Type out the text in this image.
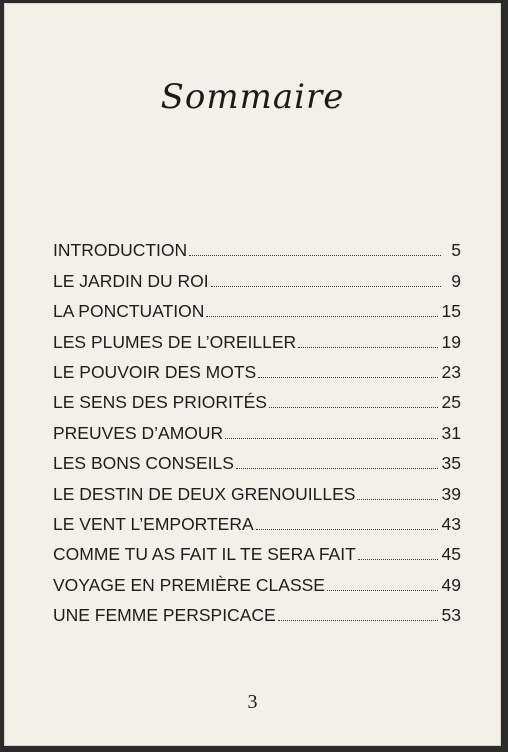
Sommaire
INTRODUCTION	5
LE JARDIN DU ROI	9
LA PONCTUATION	15
LES PLUMES DE L’OREILLER	19
LE POUVOIR DES MOTS	23
LE SENS DES PRIORITÉS	25
PREUVES D’AMOUR	31
LES BONS CONSEILS	35
LE DESTIN DE DEUX GRENOUILLES	39
LE VENT L’EMPORTERA	43
COMME TU AS FAIT IL TE SERA FAIT	45
VOYAGE EN PREMIÈRE CLASSE	49
UNE FEMME PERSPICACE	53
3
